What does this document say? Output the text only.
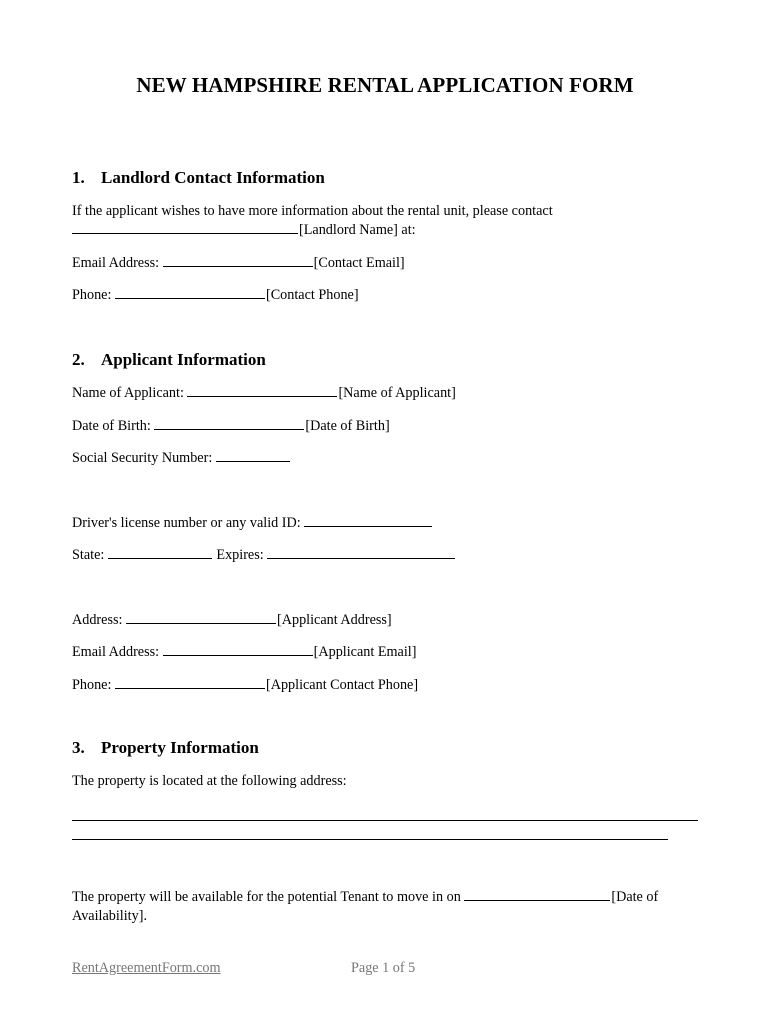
NEW HAMPSHIRE RENTAL APPLICATION FORM
1. Landlord Contact Information
If the applicant wishes to have more information about the rental unit, please contact
[Landlord Name] at:
Email Address:	[Contact Email]
Phone:	[Contact Phone]
2. Applicant Information
Name of Applicant:	[Name of Applicant]
Date of Birth:	[Date of Birth]
Social Security Number:
Driver's license number or any valid ID:
State:	Expires:
Address:	[Applicant Address]
Email Address:	[Applicant Email]
Phone:	[Applicant Contact Phone]
3. Property Information
The property is located at the following address:
The property will be available for the potential Tenant to move in on	[Date of
Availability].
RentAgreementForm.com	Page 1 of 5
